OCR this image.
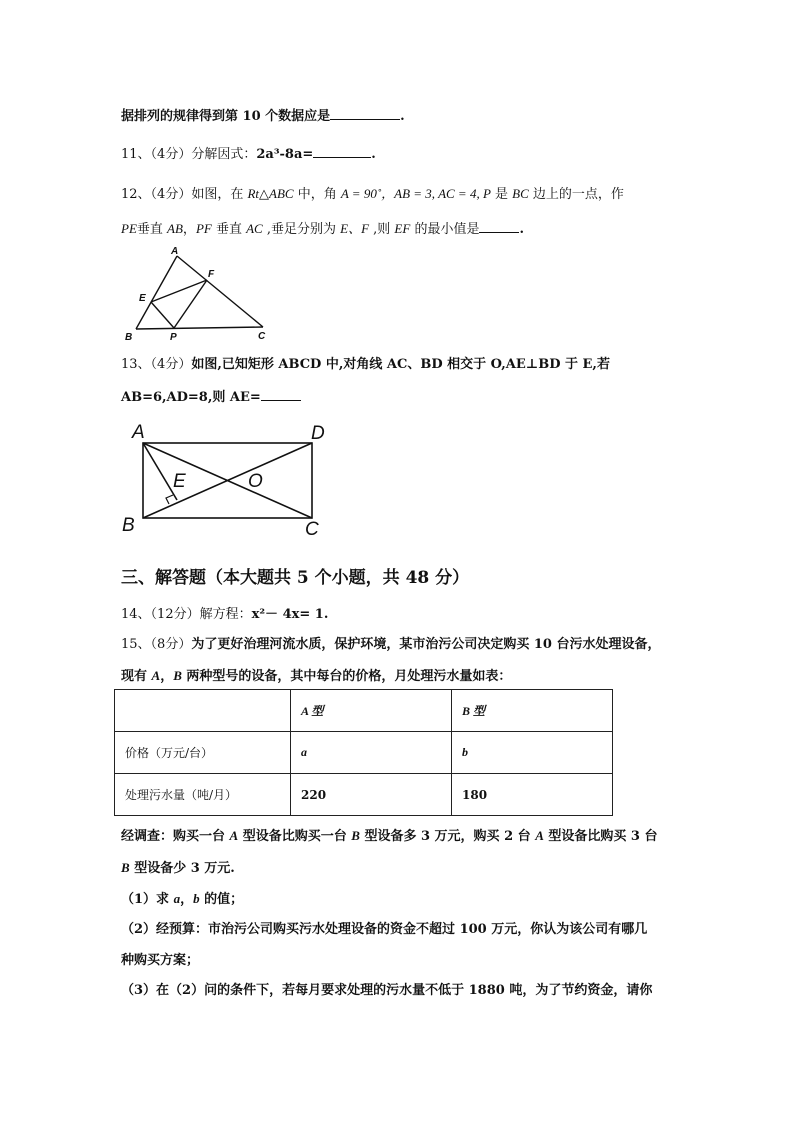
据排列的规律得到第 10 个数据应是	.
11、（4分）分解因式：2a³-8a=	.
12、（4分）如图，在 Rt△ABC 中，角 A = 90˚，AB = 3, AC = 4, P 是 BC 边上的一点，作
PE垂直 AB，PF 垂直 AC ,垂足分别为 E、F ,则 EF 的最小值是	.
A
B	C
E
F
P
13、（4分）如图,已知矩形 ABCD 中,对角线 AC、BD 相交于 O,AE⊥BD 于 E,若
AB=6,AD=8,则 AE=
A	D
B	C
E	O
三、解答题（本大题共 5 个小题，共 48 分）
14、（12分）解方程：x²－ 4x= 1.
15、（8分）为了更好治理河流水质，保护环境，某市治污公司决定购买 10 台污水处理设备，
现有 A，B 两种型号的设备，其中每台的价格，月处理污水量如表：
	A 型	B 型
价格（万元/台）	a	b
处理污水量（吨/月）	220	180
经调查：购买一台 A 型设备比购买一台 B 型设备多 3 万元，购买 2 台 A 型设备比购买 3 台
B 型设备少 3 万元.
（1）求 a，b 的值；
（2）经预算：市治污公司购买污水处理设备的资金不超过 100 万元，你认为该公司有哪几
种购买方案；
（3）在（2）问的条件下，若每月要求处理的污水量不低于 1880 吨，为了节约资金，请你
